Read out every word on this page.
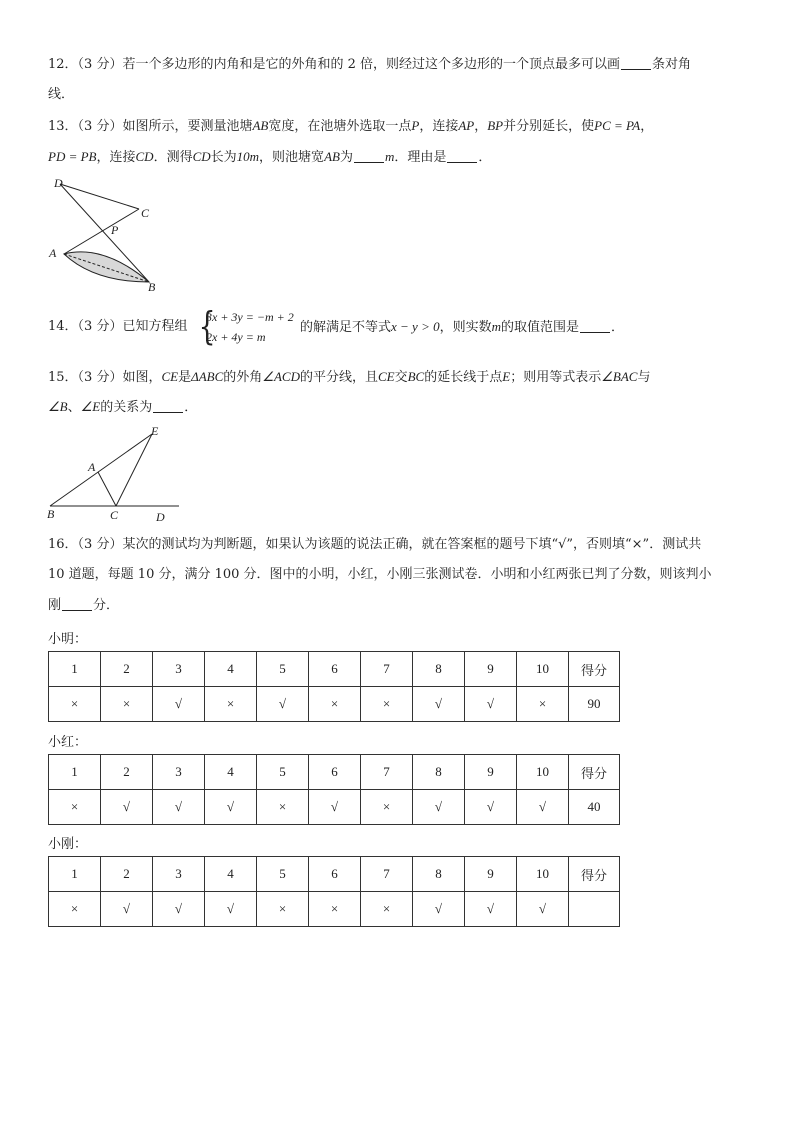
12．（3 分）若一个多边形的内角和是它的外角和的 2 倍，则经过这个多边形的一个顶点最多可以画 条对角
线．
13．（3 分）如图所示，要测量池塘AB宽度，在池塘外选取一点P，连接AP，BP并分别延长，使PC = PA，
PD = PB，连接CD．测得CD长为10m，则池塘宽AB为 m．理由是 ．
D
C
P
A
B
14．（3 分）已知方程组 {
3x + 3y = −m + 2
2x + 4y = m
的解满足不等式x − y > 0，则实数m的取值范围是 ．
15．（3 分）如图，CE是ΔABC的外角∠ACD的平分线，且CE交BC的延长线于点E；则用等式表示∠BAC与
∠B、∠E的关系为 ．
E
A
B	C	D
16．（3 分）某次的测试均为判断题，如果认为该题的说法正确，就在答案框的题号下填“√”，否则填“×”．测试共
10 道题，每题 10 分，满分 100 分．图中的小明，小红，小刚三张测试卷．小明和小红两张已判了分数，则该判小
刚 分．
小明：
1	2	3	4	5	6	7	8	9	10	得分
×	×	√	×	√	×	×	√	√	×	90
小红：
1	2	3	4	5	6	7	8	9	10	得分
×	√	√	√	×	√	×	√	√	√	40
小刚：
1	2	3	4	5	6	7	8	9	10	得分
×	√	√	√	×	×	×	√	√	√	
